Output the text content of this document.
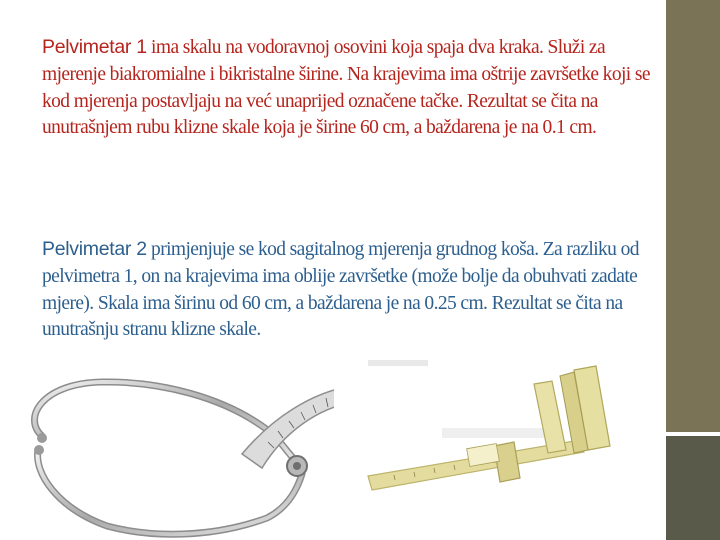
Pelvimetar 1 ima skalu na vodoravnoj osovini koja spaja dva kraka. Služi za mjerenje biakromialne i bikristalne širine. Na krajevima ima oštrije završetke koji se kod mjerenja postavljaju na već unaprijed označene tačke. Rezultat se čita na unutrašnjem rubu klizne skale koja je širine 60 cm, a baždarena je na 0.1 cm.

Pelvimetar 2 primjenjuje se kod sagitalnog mjerenja grudnog koša. Za razliku od pelvimetra 1, on na krajevima ima oblije završetke (može bolje da obuhvati zadate mjere). Skala ima širinu od 60 cm, a baždarena je na 0.25 cm. Rezultat se čita na unutrašnju stranu klizne skale.
